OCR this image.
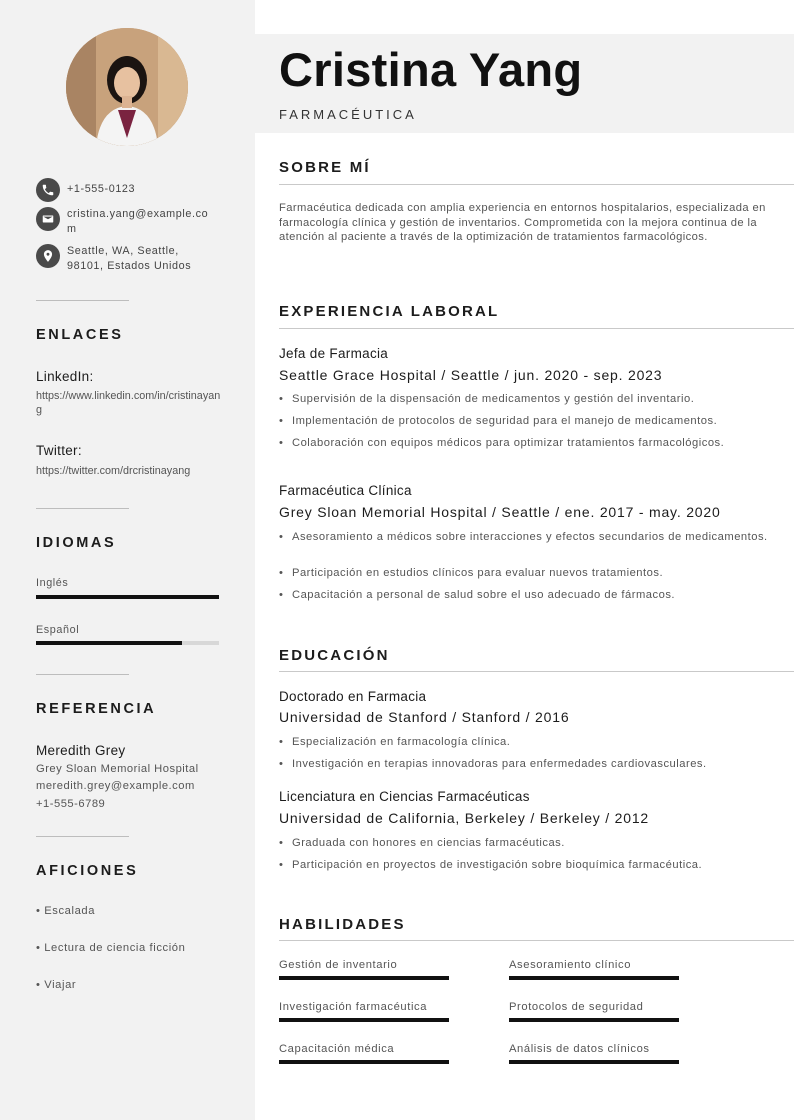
+1-555-0123
cristina.yang@example.com
Seattle, WA, Seattle, 98101, Estados Unidos
ENLACES
LinkedIn:
https://www.linkedin.com/in/cristinayang
Twitter:
https://twitter.com/drcristinayang
IDIOMAS
Inglés
Español
REFERENCIA
Meredith Grey
Grey Sloan Memorial Hospital
meredith.grey@example.com
+1-555-6789
AFICIONES
• Escalada
• Lectura de ciencia ficción
• Viajar
Cristina Yang
FARMACÉUTICA
SOBRE MÍ
Farmacéutica dedicada con amplia experiencia en entornos hospitalarios, especializada en farmacología clínica y gestión de inventarios. Comprometida con la mejora continua de la atención al paciente a través de la optimización de tratamientos farmacológicos.
EXPERIENCIA LABORAL
Jefa de Farmacia
Seattle Grace Hospital / Seattle / jun. 2020 - sep. 2023
• Supervisión de la dispensación de medicamentos y gestión del inventario.
• Implementación de protocolos de seguridad para el manejo de medicamentos.
• Colaboración con equipos médicos para optimizar tratamientos farmacológicos.
Farmacéutica Clínica
Grey Sloan Memorial Hospital / Seattle / ene. 2017 - may. 2020
• Asesoramiento a médicos sobre interacciones y efectos secundarios de medicamentos.
• Participación en estudios clínicos para evaluar nuevos tratamientos.
• Capacitación a personal de salud sobre el uso adecuado de fármacos.
EDUCACIÓN
Doctorado en Farmacia
Universidad de Stanford / Stanford / 2016
• Especialización en farmacología clínica.
• Investigación en terapias innovadoras para enfermedades cardiovasculares.
Licenciatura en Ciencias Farmacéuticas
Universidad de California, Berkeley / Berkeley / 2012
• Graduada con honores en ciencias farmacéuticas.
• Participación en proyectos de investigación sobre bioquímica farmacéutica.
HABILIDADES
Gestión de inventario	Asesoramiento clínico
Investigación farmacéutica	Protocolos de seguridad
Capacitación médica	Análisis de datos clínicos
